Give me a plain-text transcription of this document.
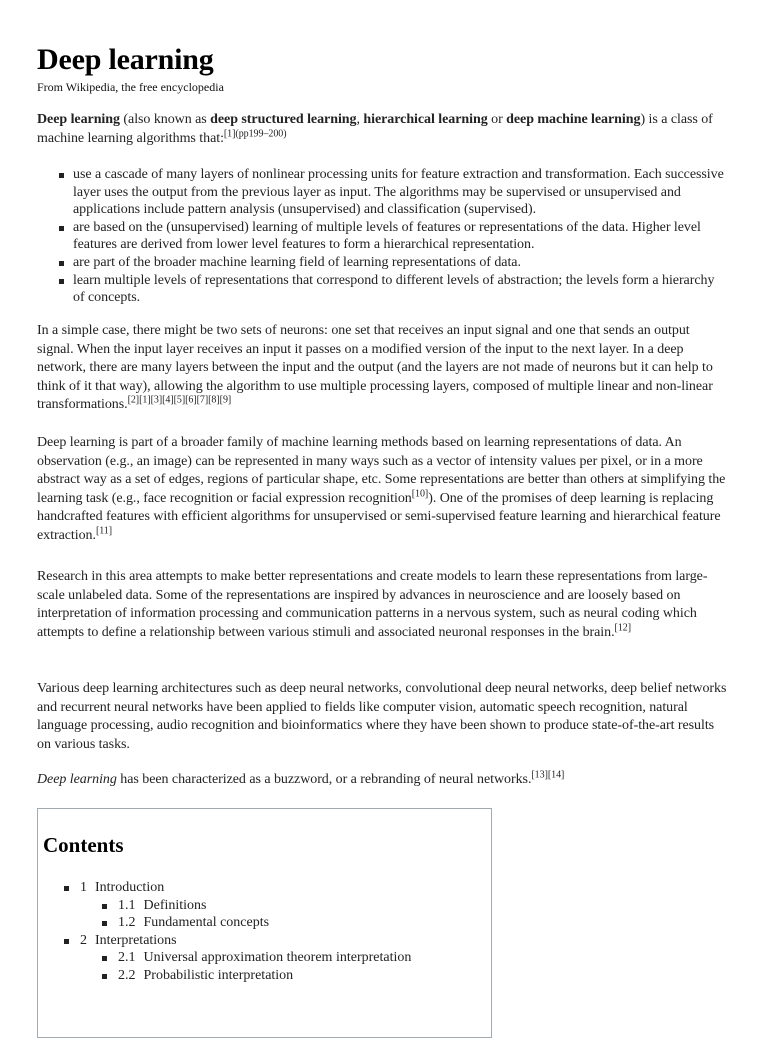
Deep learning
From Wikipedia, the free encyclopedia

Deep learning (also known as deep structured learning, hierarchical learning or deep machine learning) is a class of machine learning algorithms that:$^{[1](pp199-200)}$

use a cascade of many layers of nonlinear processing units for feature extraction and transformation. Each successive layer uses the output from the previous layer as input. The algorithms may be supervised or unsupervised and applications include pattern analysis (unsupervised) and classification (supervised).
are based on the (unsupervised) learning of multiple levels of features or representations of the data. Higher level features are derived from lower level features to form a hierarchical representation.
are part of the broader machine learning field of learning representations of data.
learn multiple levels of representations that correspond to different levels of abstraction; the levels form a hierarchy of concepts.

In a simple case, there might be two sets of neurons: one set that receives an input signal and one that sends an output signal. When the input layer receives an input it passes on a modified version of the input to the next layer. In a deep network, there are many layers between the input and the output (and the layers are not made of neurons but it can help to think of it that way), allowing the algorithm to use multiple processing layers, composed of multiple linear and non-linear transformations.[2][1][3][4][5][6][7][8][9]

Deep learning is part of a broader family of machine learning methods based on learning representations of data. An observation (e.g., an image) can be represented in many ways such as a vector of intensity values per pixel, or in a more abstract way as a set of edges, regions of particular shape, etc. Some representations are better than others at simplifying the learning task (e.g., face recognition or facial expression recognition[10]). One of the promises of deep learning is replacing handcrafted features with efficient algorithms for unsupervised or semi-supervised feature learning and hierarchical feature extraction.[11]

Research in this area attempts to make better representations and create models to learn these representations from large-scale unlabeled data. Some of the representations are inspired by advances in neuroscience and are loosely based on interpretation of information processing and communication patterns in a nervous system, such as neural coding which attempts to define a relationship between various stimuli and associated neuronal responses in the brain.[12]

Various deep learning architectures such as deep neural networks, convolutional deep neural networks, deep belief networks and recurrent neural networks have been applied to fields like computer vision, automatic speech recognition, natural language processing, audio recognition and bioinformatics where they have been shown to produce state-of-the-art results on various tasks.

Deep learning has been characterized as a buzzword, or a rebranding of neural networks.[13][14]

Contents
1 Introduction
1.1 Definitions
1.2 Fundamental concepts
2 Interpretations
2.1 Universal approximation theorem interpretation
2.2 Probabilistic interpretation
